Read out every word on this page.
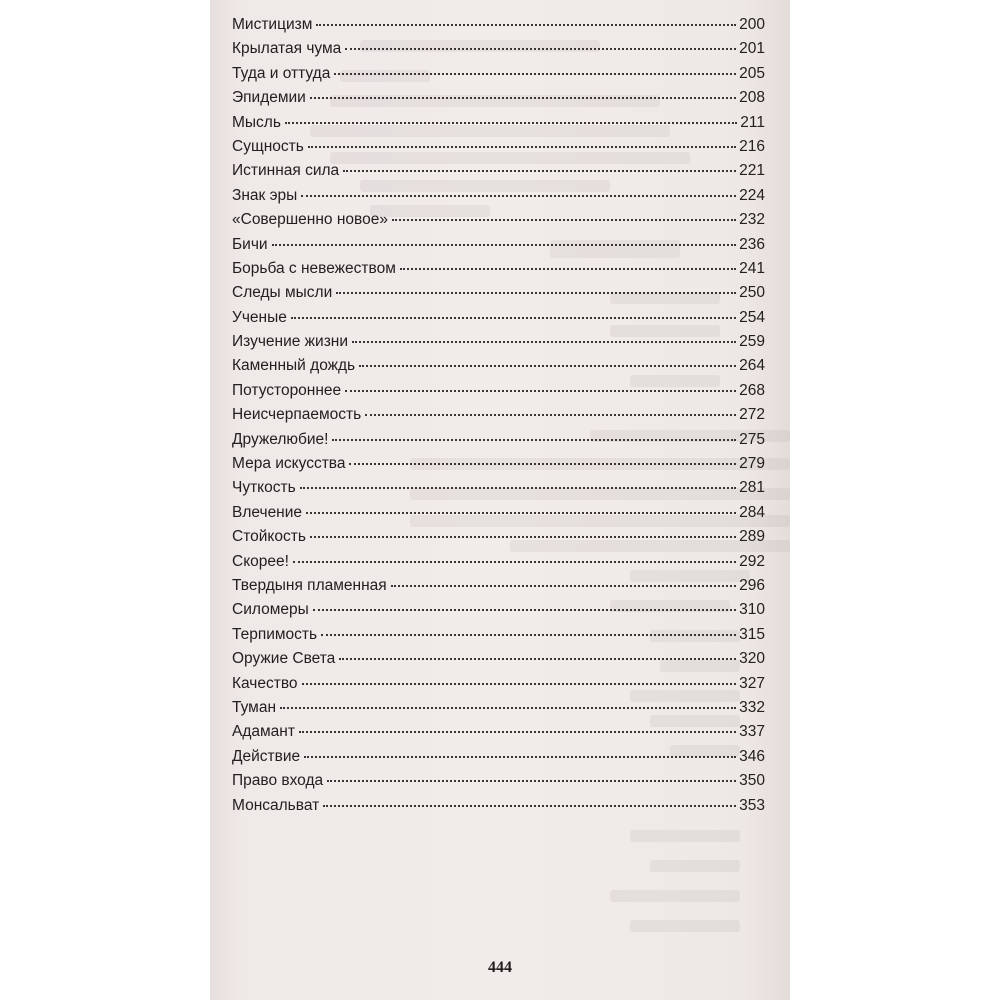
Мистицизм	200
Крылатая чума	201
Туда и оттуда	205
Эпидемии	208
Мысль	211
Сущность	216
Истинная сила	221
Знак эры	224
«Совершенно новое»	232
Бичи	236
Борьба с невежеством	241
Следы мысли	250
Ученые	254
Изучение жизни	259
Каменный дождь	264
Потустороннее	268
Неисчерпаемость	272
Дружелюбие!	275
Мера искусства	279
Чуткость	281
Влечение	284
Стойкость	289
Скорее!	292
Твердыня пламенная	296
Силомеры	310
Терпимость	315
Оружие Света	320
Качество	327
Туман	332
Адамант	337
Действие	346
Право входа	350
Монсальват	353
444
